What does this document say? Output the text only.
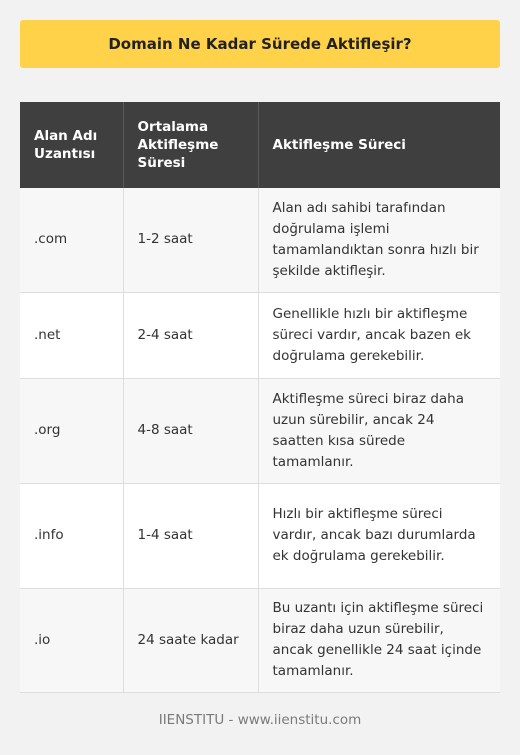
Domain Ne Kadar Sürede Aktifleşir?
Alan Adı Uzantısı	Ortalama Aktifleşme Süresi	Aktifleşme Süreci
.com	1-2 saat	Alan adı sahibi tarafından doğrulama işlemi tamamlandıktan sonra hızlı bir şekilde aktifleşir.
.net	2-4 saat	Genellikle hızlı bir aktifleşme süreci vardır, ancak bazen ek doğrulama gerekebilir.
.org	4-8 saat	Aktifleşme süreci biraz daha uzun sürebilir, ancak 24 saatten kısa sürede tamamlanır.
.info	1-4 saat	Hızlı bir aktifleşme süreci vardır, ancak bazı durumlarda ek doğrulama gerekebilir.
.io	24 saate kadar	Bu uzantı için aktifleşme süreci biraz daha uzun sürebilir, ancak genellikle 24 saat içinde tamamlanır.
IIENSTITU - www.iienstitu.com
